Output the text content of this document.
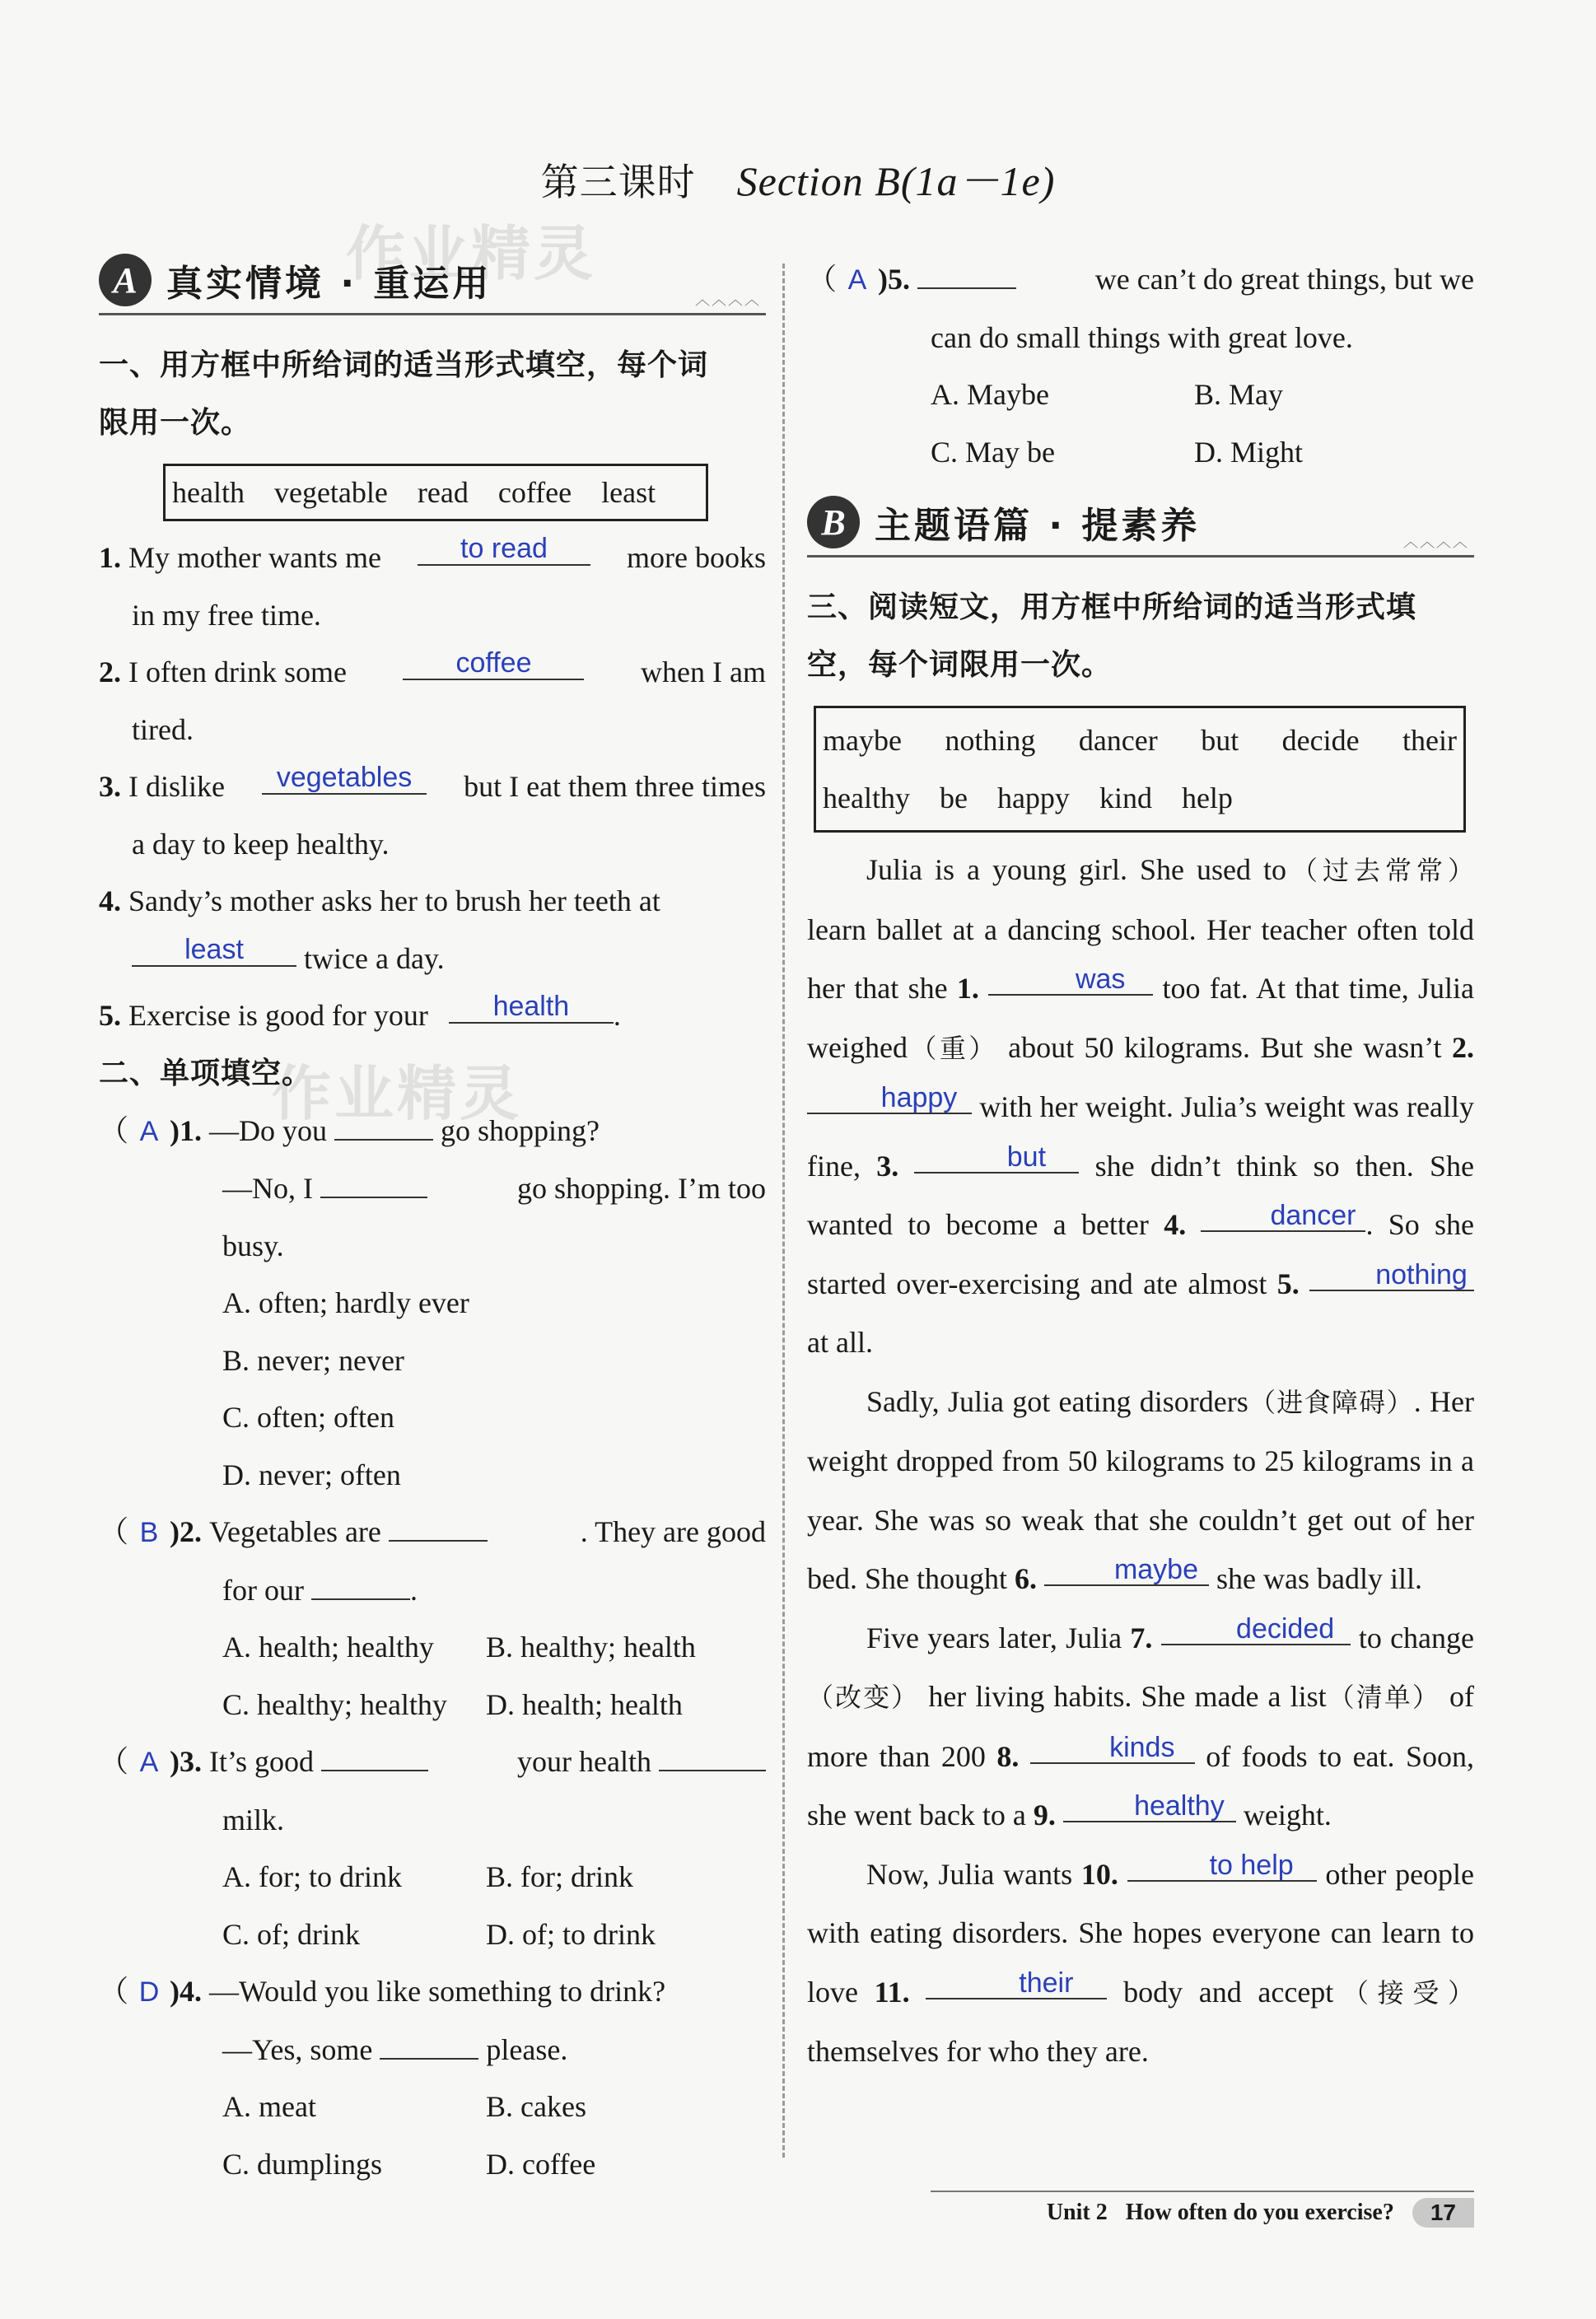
第三课时 Section B(1a－1e)
作业精灵
作业精灵
A 真实情境 · 重运用	︿︿︿︿
一、用方框中所给词的适当形式填空，每个词
限用一次。
health vegetable read coffee least
1. My mother wants me	to read	more books
in my free time.
2. I often drink some	coffee	when I am
tired.
3. I dislike	vegetables	but I eat them three times
a day to keep healthy.
4. Sandy’s mother asks her to brush her teeth at
least twice a day.
5. Exercise is good for your health .
二、单项填空。
（ A )1. —Do you	go shopping?
—No, I	go shopping. I’m too
busy.
A. often; hardly ever
B. never; never
C. often; often
D. never; often
（ B )2. Vegetables are	. They are good
for our	.
A. health; healthy	B. healthy; health
C. healthy; healthy	D. health; health
（ A )3. It’s good	your health
milk.
A. for; to drink	B. for; drink
C. of; drink	D. of; to drink
（ D )4. —Would you like something to drink?
—Yes, some	please.
A. meat	B. cakes
C. dumplings	D. coffee
（ A )5.	we can’t do great things, but we
can do small things with great love.
A. Maybe	B. May
C. May be	D. Might
B 主题语篇 · 提素养	︿︿︿︿
三、阅读短文，用方框中所给词的适当形式填
空，每个词限用一次。
maybe nothing dancer but decide their
healthy be happy kind help
Julia is a young girl. She used to（过去常常） learn ballet at a dancing school. Her teacher often told her that she 1.	was too fat. At that time, Julia weighed（重） about 50 kilograms. But she wasn’t 2.happy with her weight. Julia’s weight was really fine, 3.	but she didn’t think so then. She wanted to become a better 4.	dancer . So she started over-exercising and ate almost 5.	nothing at all.
Sadly, Julia got eating disorders（进食障碍）. Her weight dropped from 50 kilograms to 25 kilograms in a year. She was so weak that she couldn’t get out of her bed. She thought 6.	maybe she was badly ill.
Five years later, Julia 7.	decided to change（改变） her living habits. She made a list（清单） of more than 200 8.	kinds of foods to eat. Soon, she went back to a 9.	healthy weight.
Now, Julia wants 10.	to help other people with eating disorders. She hopes everyone can learn to love 11.	their body and accept（接受） themselves for who they are.
Unit 2 How often do you exercise?	17
